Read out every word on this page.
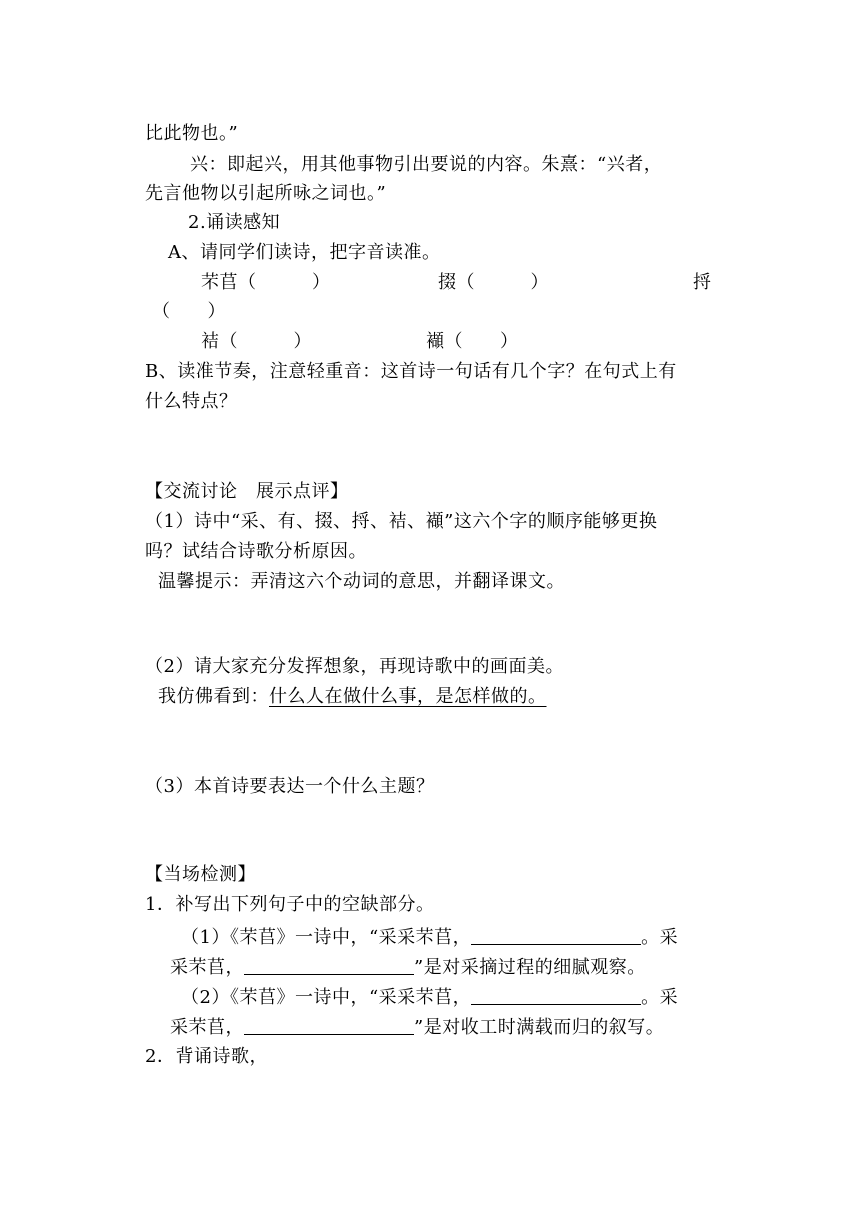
比此物也。”
兴：即起兴，用其他事物引出要说的内容。朱熹：“兴者，
先言他物以引起所咏之词也。”
2.诵读感知
A、请同学们读诗，把字音读准。
芣苢（　　　）	掇（　　　）	捋
（　　）
袺（　　　）	襭（　　）
B、读准节奏，注意轻重音：这首诗一句话有几个字？在句式上有
什么特点？
【交流讨论　展示点评】
（1）诗中“采、有、掇、捋、袺、襭”这六个字的顺序能够更换
吗？试结合诗歌分析原因。
温馨提示：弄清这六个动词的意思，并翻译课文。
（2）请大家充分发挥想象，再现诗歌中的画面美。
我仿佛看到：什么人在做什么事，是怎样做的。
（3）本首诗要表达一个什么主题？
【当场检测】
1．补写出下列句子中的空缺部分。
（1）《芣苢》一诗中，“采采芣苢，	。采
采芣苢，	”是对采摘过程的细腻观察。
（2）《芣苢》一诗中，“采采芣苢，	。采
采芣苢，	”是对收工时满载而归的叙写。
2．背诵诗歌，
